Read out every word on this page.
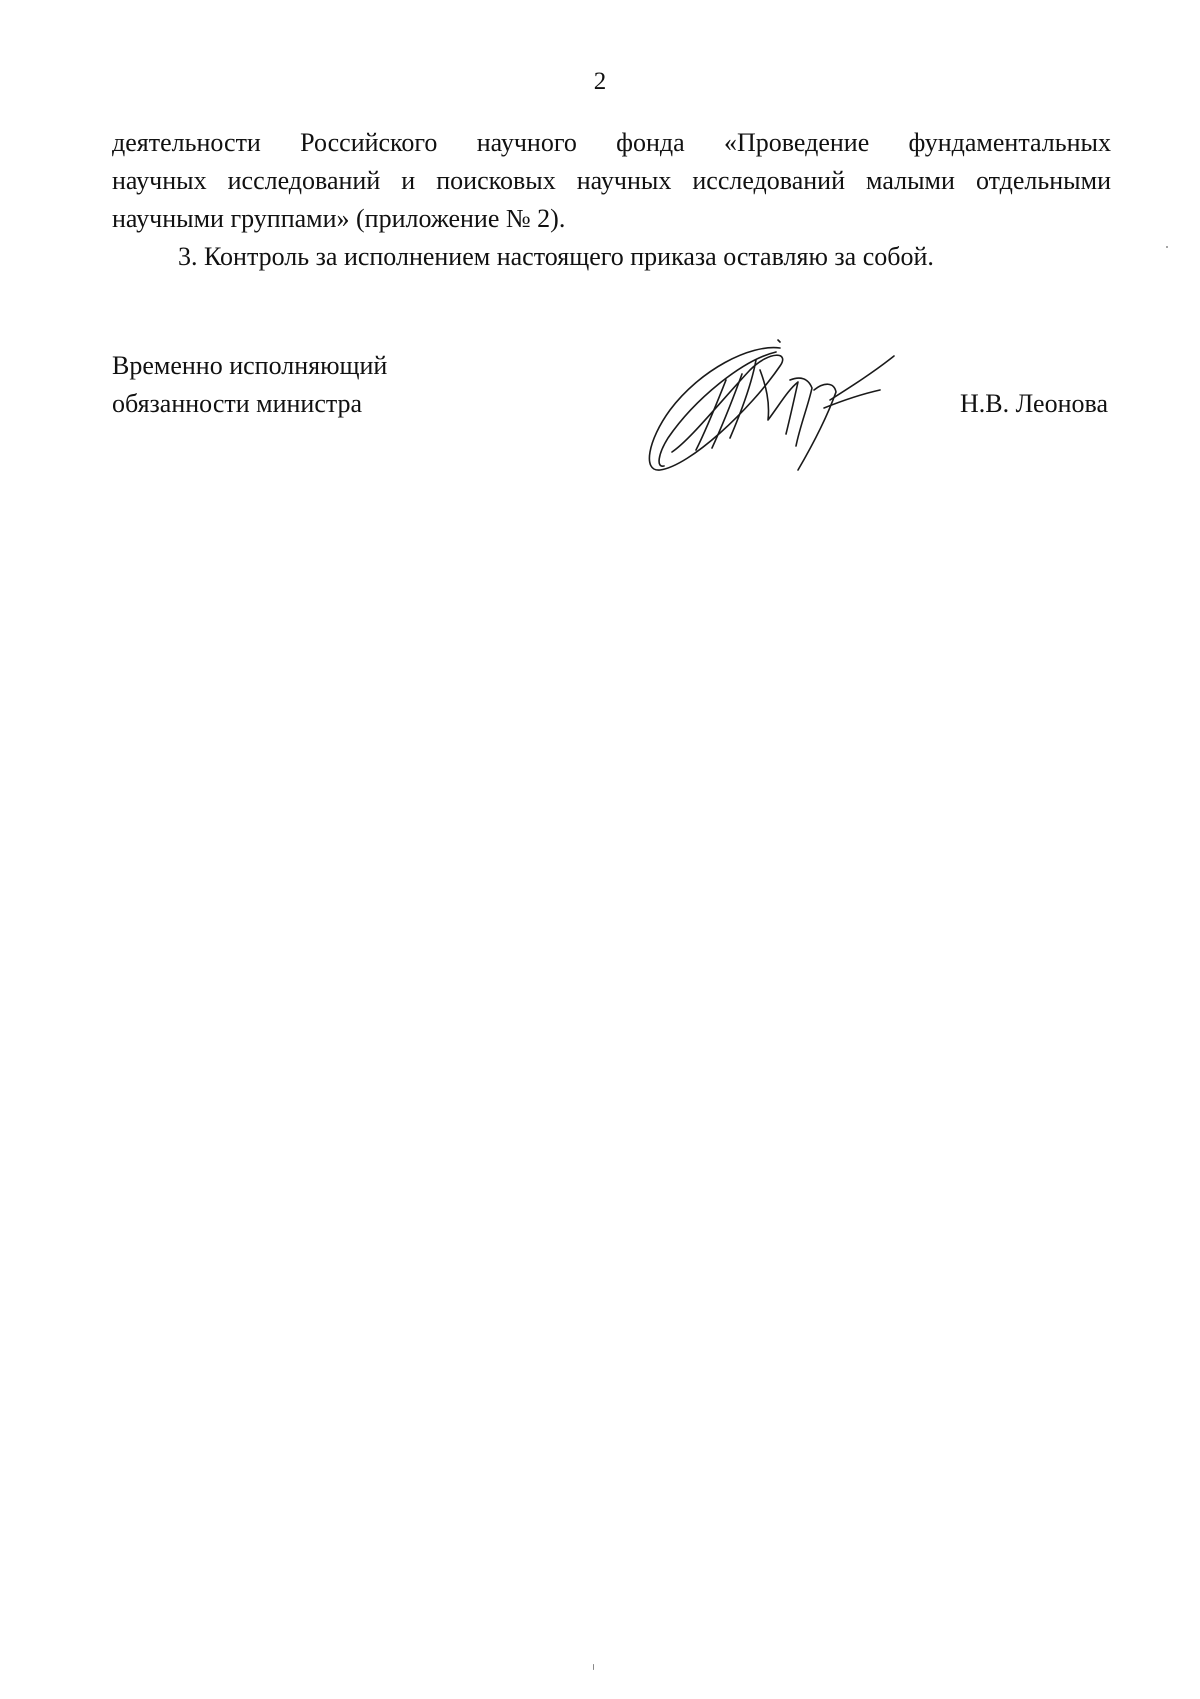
2
деятельности Российского научного фонда «Проведение фундаментальных
научных исследований и поисковых научных исследований малыми отдельными
научными группами» (приложение № 2).
3. Контроль за исполнением настоящего приказа оставляю за собой.
Временно исполняющий
обязанности министра	Н.В. Леонова
